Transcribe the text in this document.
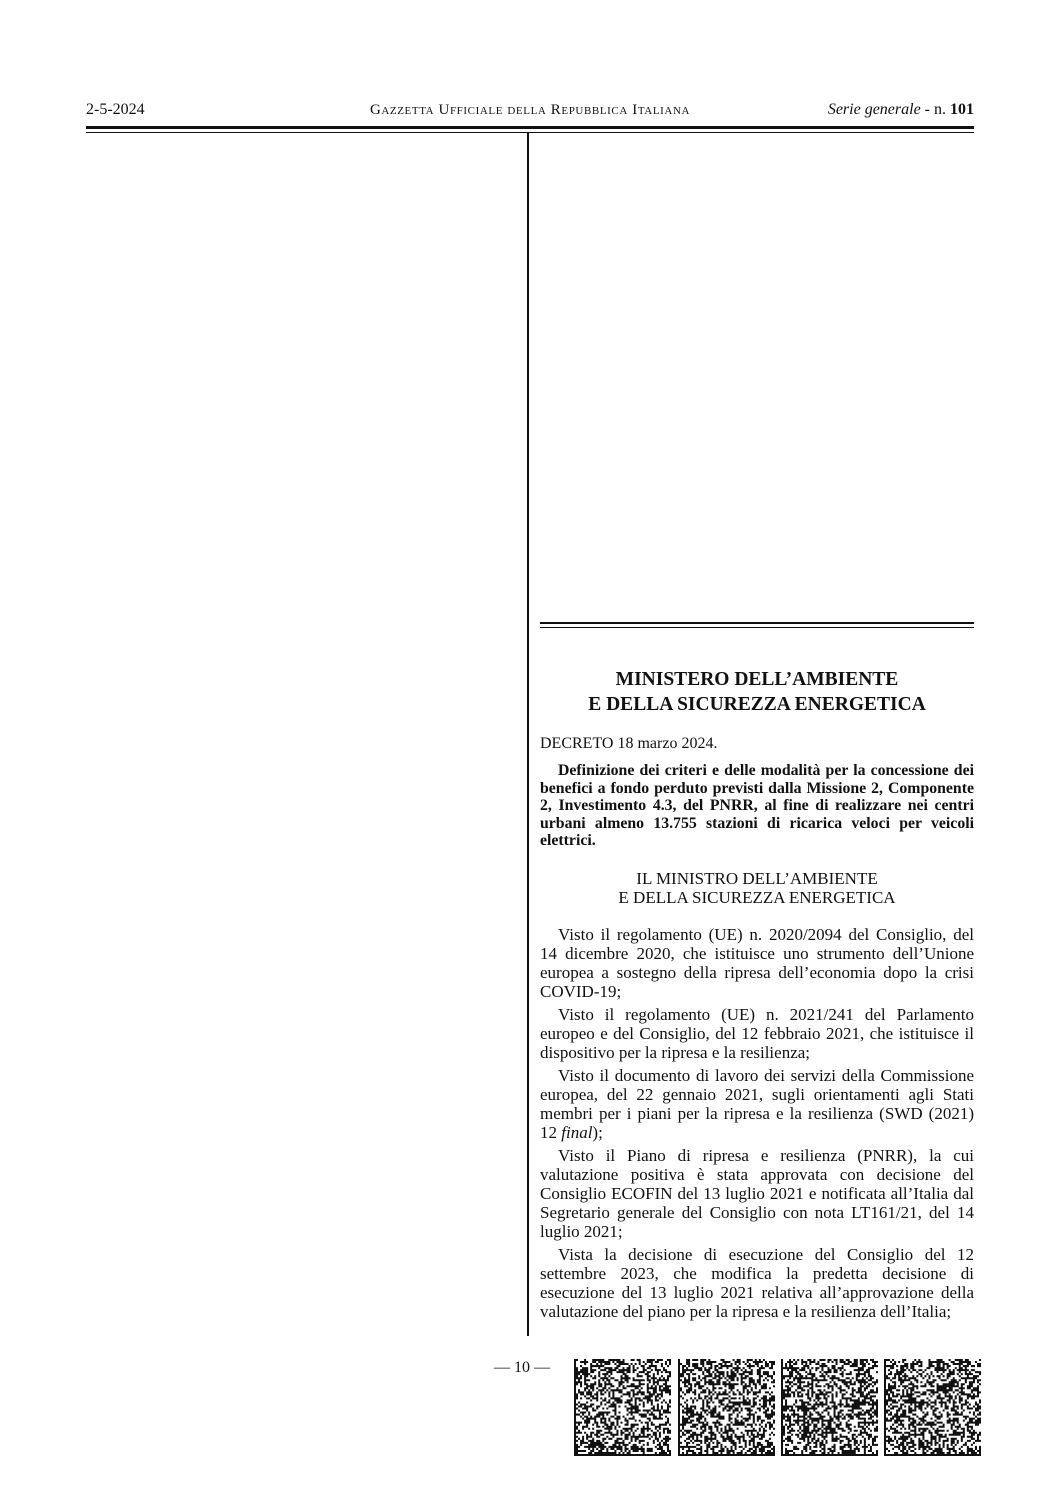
2-5-2024	Gazzetta Ufficiale della Repubblica Italiana	Serie generale - n. 101
MINISTERO DELL’AMBIENTE
E DELLA SICUREZZA ENERGETICA
DECRETO 18 marzo 2024.
Definizione dei criteri e delle modalità per la concessione dei benefici a fondo perduto previsti dalla Missione 2, Componente 2, Investimento 4.3, del PNRR, al fine di realizzare nei centri urbani almeno 13.755 stazioni di ricarica veloci per veicoli elettrici.
IL MINISTRO DELL’AMBIENTE
E DELLA SICUREZZA ENERGETICA

Visto il regolamento (UE) n. 2020/2094 del Consiglio, del 14 dicembre 2020, che istituisce uno strumento dell’Unione europea a sostegno della ripresa dell’economia dopo la crisi COVID-19;

Visto il regolamento (UE) n. 2021/241 del Parlamento europeo e del Consiglio, del 12 febbraio 2021, che istituisce il dispositivo per la ripresa e la resilienza;

Visto il documento di lavoro dei servizi della Commissione europea, del 22 gennaio 2021, sugli orientamenti agli Stati membri per i piani per la ripresa e la resilienza (SWD (2021) 12 final);

Visto il Piano di ripresa e resilienza (PNRR), la cui valutazione positiva è stata approvata con decisione del Consiglio ECOFIN del 13 luglio 2021 e notificata all’Italia dal Segretario generale del Consiglio con nota LT161/21, del 14 luglio 2021;

Vista la decisione di esecuzione del Consiglio del 12 settembre 2023, che modifica la predetta decisione di esecuzione del 13 luglio 2021 relativa all’approvazione della valutazione del piano per la ripresa e la resilienza dell’Italia;

— 10 —
